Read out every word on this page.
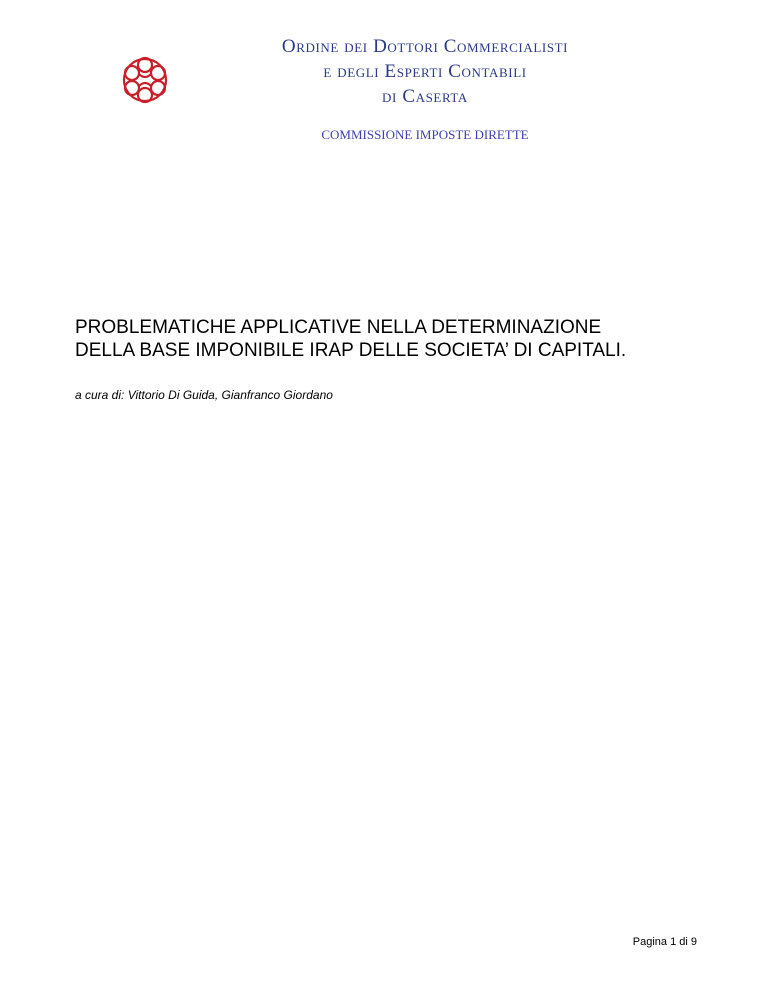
Ordine dei Dottori Commercialisti
e degli Esperti Contabili
di Caserta
COMMISSIONE IMPOSTE DIRETTE
PROBLEMATICHE APPLICATIVE NELLA DETERMINAZIONE
DELLA BASE IMPONIBILE IRAP DELLE SOCIETA’ DI CAPITALI.
a cura di: Vittorio Di Guida, Gianfranco Giordano
Pagina 1 di 9
